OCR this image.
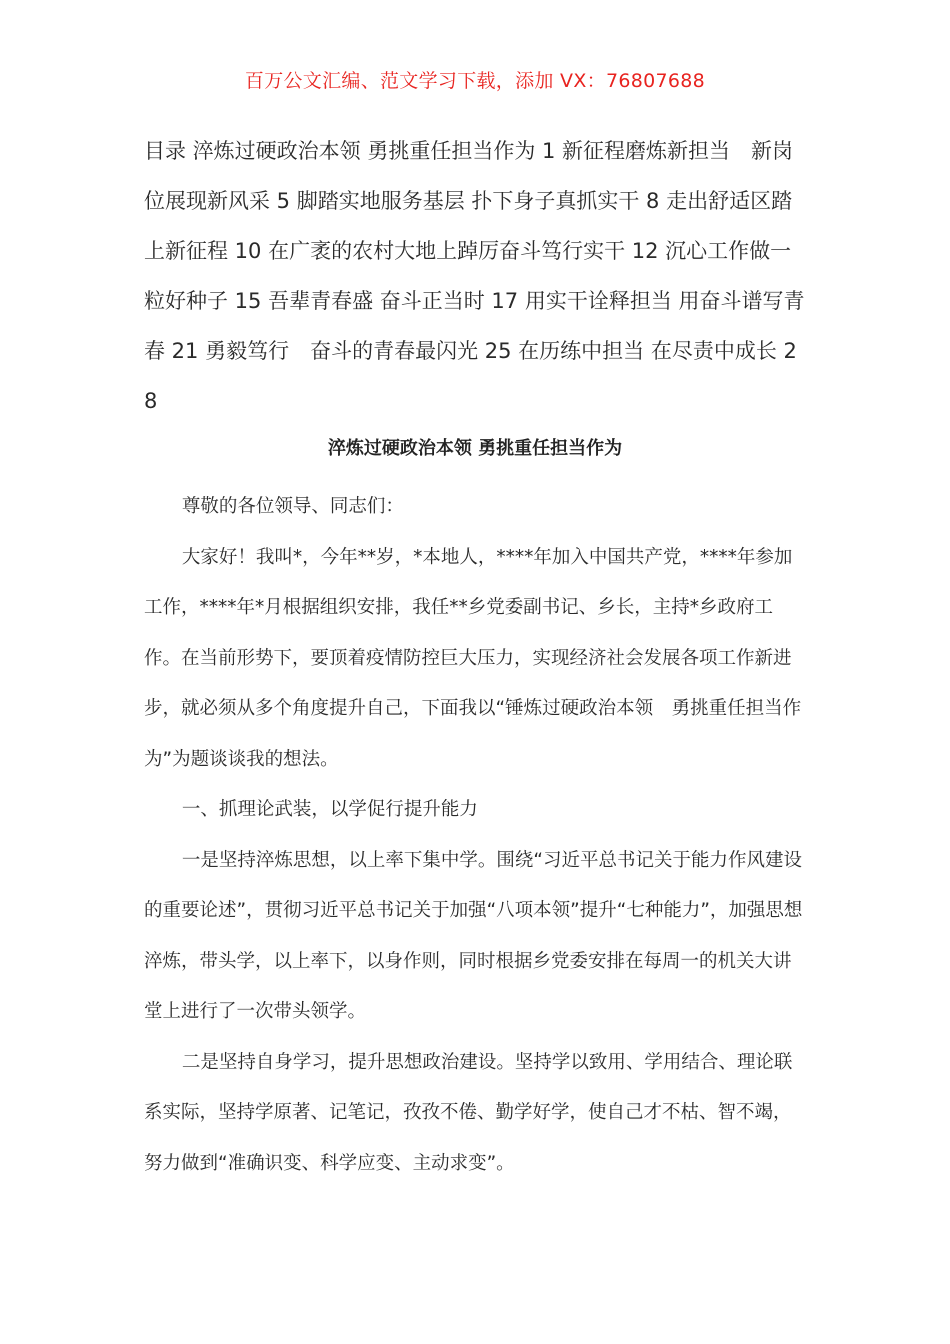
百万公文汇编、范文学习下载，添加 VX：76807688
目录 淬炼过硬政治本领 勇挑重任担当作为 1 新征程磨炼新担当　新岗位展现新风采 5 脚踏实地服务基层 扑下身子真抓实干 8 走出舒适区踏上新征程 10 在广袤的农村大地上踔厉奋斗笃行实干 12 沉心工作做一粒好种子 15 吾辈青春盛 奋斗正当时 17 用实干诠释担当 用奋斗谱写青春 21 勇毅笃行　奋斗的青春最闪光 25 在历练中担当 在尽责中成长 28
淬炼过硬政治本领 勇挑重任担当作为

尊敬的各位领导、同志们：

大家好！我叫*，今年**岁，*本地人，****年加入中国共产党，****年参加工作，****年*月根据组织安排，我任**乡党委副书记、乡长，主持*乡政府工作。在当前形势下，要顶着疫情防控巨大压力，实现经济社会发展各项工作新进步，就必须从多个角度提升自己，下面我以“锤炼过硬政治本领　勇挑重任担当作为”为题谈谈我的想法。

一、抓理论武装，以学促行提升能力

一是坚持淬炼思想，以上率下集中学。围绕“习近平总书记关于能力作风建设的重要论述”，贯彻习近平总书记关于加强“八项本领”提升“七种能力”，加强思想淬炼，带头学，以上率下，以身作则，同时根据乡党委安排在每周一的机关大讲堂上进行了一次带头领学。

二是坚持自身学习，提升思想政治建设。坚持学以致用、学用结合、理论联系实际，坚持学原著、记笔记，孜孜不倦、勤学好学，使自己才不枯、智不竭，努力做到“准确识变、科学应变、主动求变”。
